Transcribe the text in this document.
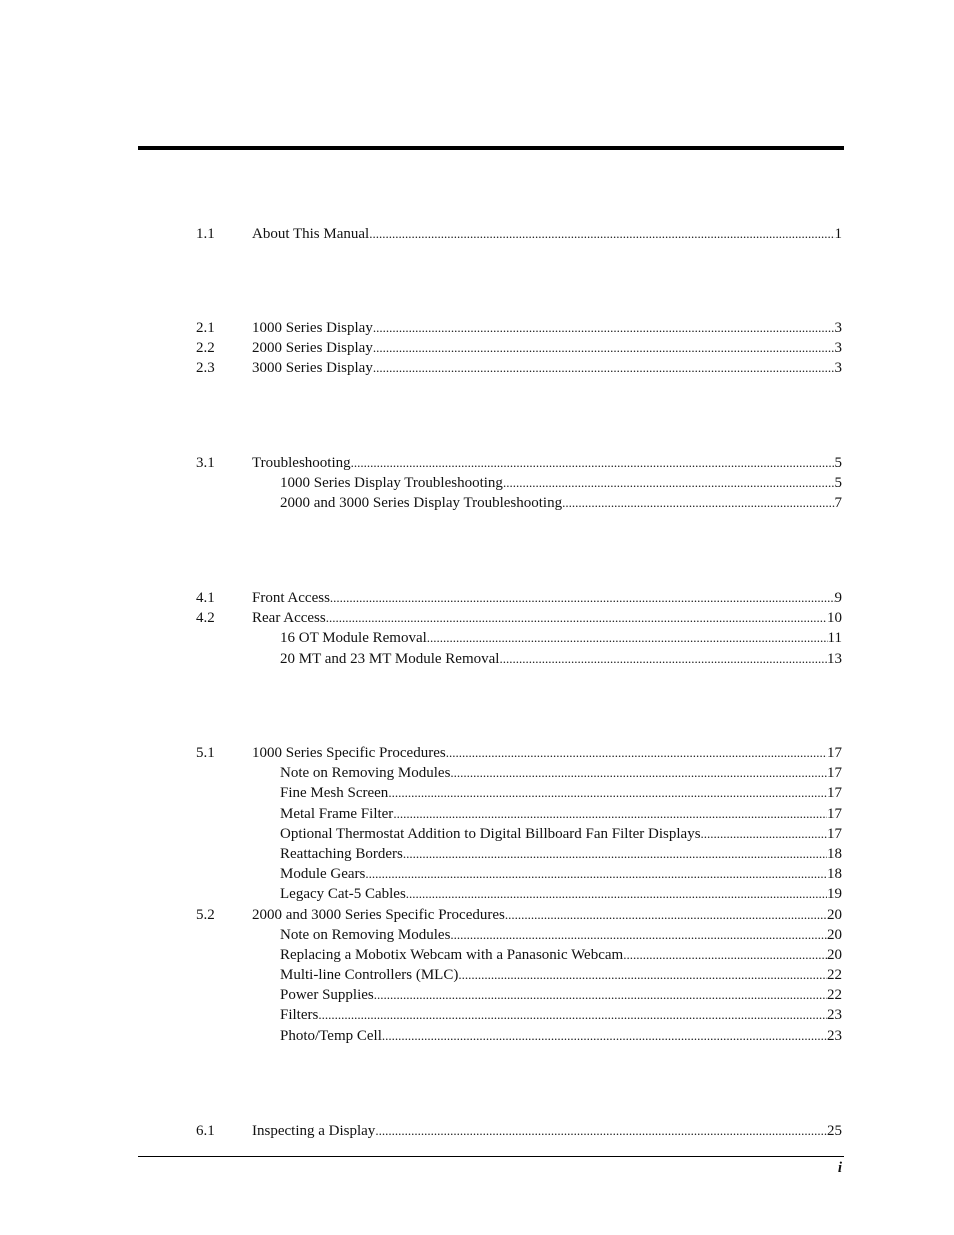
1.1 About This Manual .....	1
2.1 1000 Series Display .....	3
2.2 2000 Series Display .....	3
2.3 3000 Series Display .....	3
3.1 Troubleshooting .....	5
1000 Series Display Troubleshooting .....	5
2000 and 3000 Series Display Troubleshooting .....	7
4.1 Front Access .....	9
4.2 Rear Access .....	10
16 OT Module Removal .....	11
20 MT and 23 MT Module Removal .....	13
5.1 1000 Series Specific Procedures .....	17
Note on Removing Modules .....	17
Fine Mesh Screen .....	17
Metal Frame Filter .....	17
Optional Thermostat Addition to Digital Billboard Fan Filter Displays .....	17
Reattaching Borders .....	18
Module Gears .....	18
Legacy Cat-5 Cables .....	19
5.2 2000 and 3000 Series Specific Procedures .....	20
Note on Removing Modules .....	20
Replacing a Mobotix Webcam with a Panasonic Webcam .....	20
Multi-line Controllers (MLC) .....	22
Power Supplies .....	22
Filters .....	23
Photo/Temp Cell .....	23
6.1 Inspecting a Display .....	25
i
